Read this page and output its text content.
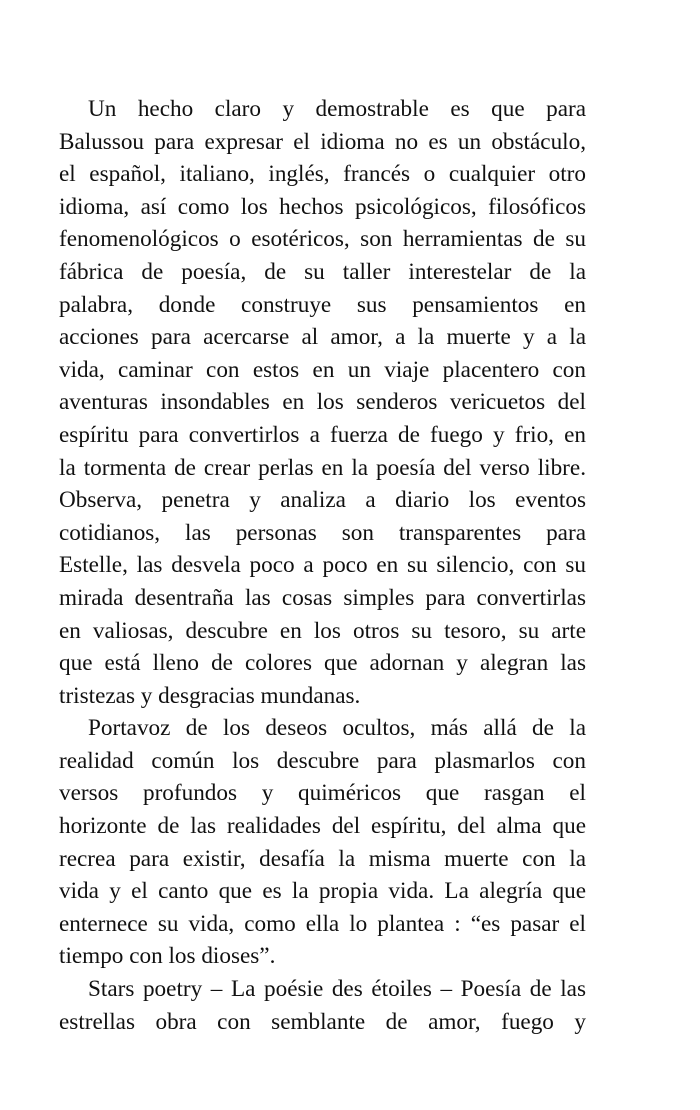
Un hecho claro y demostrable es que para
Balussou para expresar el idioma no es un obstáculo,
el español, italiano, inglés, francés o cualquier otro
idioma, así como los hechos psicológicos, filosóficos
fenomenológicos o esotéricos, son herramientas de su
fábrica de poesía, de su taller interestelar de la
palabra, donde construye sus pensamientos en
acciones para acercarse al amor, a la muerte y a la
vida, caminar con estos en un viaje placentero con
aventuras insondables en los senderos vericuetos del
espíritu para convertirlos a fuerza de fuego y frio, en
la tormenta de crear perlas en la poesía del verso libre.
Observa, penetra y analiza a diario los eventos
cotidianos, las personas son transparentes para
Estelle, las desvela poco a poco en su silencio, con su
mirada desentraña las cosas simples para convertirlas
en valiosas, descubre en los otros su tesoro, su arte
que está lleno de colores que adornan y alegran las
tristezas y desgracias mundanas.
Portavoz de los deseos ocultos, más allá de la
realidad común los descubre para plasmarlos con
versos profundos y quiméricos que rasgan el
horizonte de las realidades del espíritu, del alma que
recrea para existir, desafía la misma muerte con la
vida y el canto que es la propia vida. La alegría que
enternece su vida, como ella lo plantea : “es pasar el
tiempo con los dioses”.
Stars poetry – La poésie des étoiles – Poesía de las
estrellas obra con semblante de amor, fuego y
